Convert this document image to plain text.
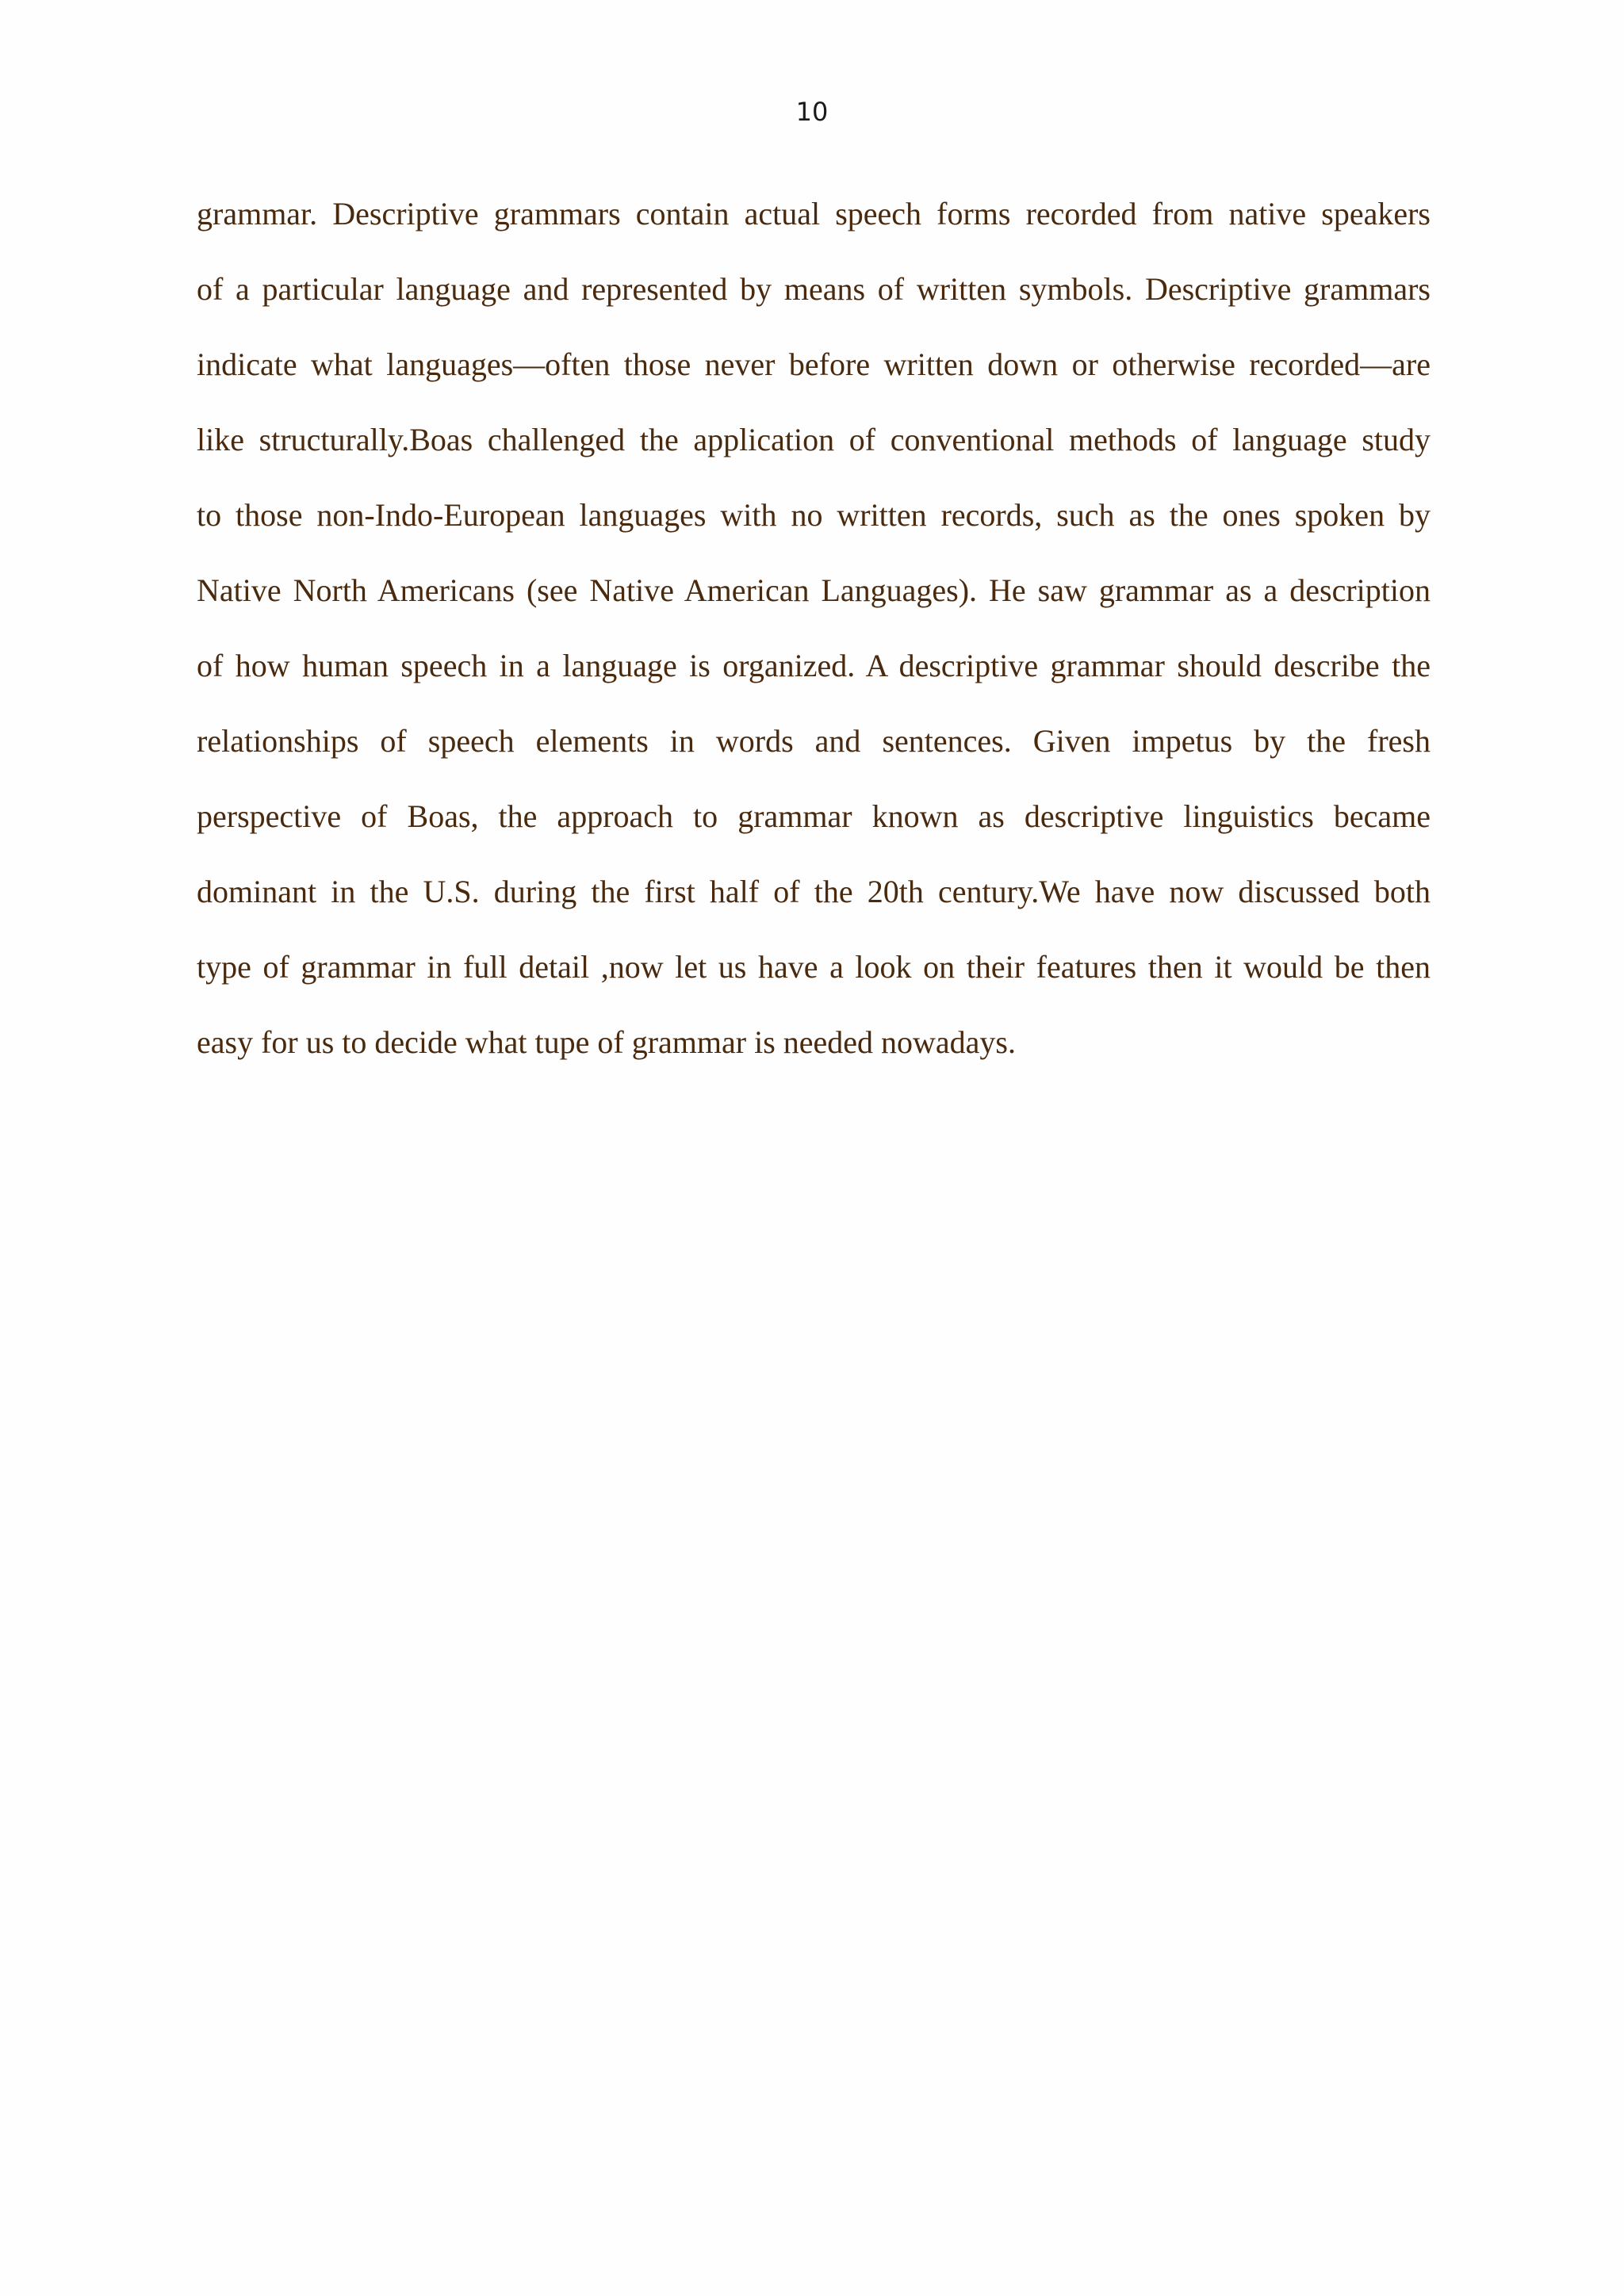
10
grammar. Descriptive grammars contain actual speech forms recorded from native speakers
of a particular language and represented by means of written symbols. Descriptive grammars
indicate what languages—often those never before written down or otherwise recorded—are
like structurally.Boas challenged the application of conventional methods of language study
to those non-Indo-European languages with no written records, such as the ones spoken by
Native North Americans (see Native American Languages). He saw grammar as a description
of how human speech in a language is organized. A descriptive grammar should describe the
relationships of speech elements in words and sentences. Given impetus by the fresh
perspective of Boas, the approach to grammar known as descriptive linguistics became
dominant in the U.S. during the first half of the 20th century.We have now discussed both
type of grammar in full detail ,now let us have a look on their features then it would be then
easy for us to decide what tupe of grammar is needed nowadays.
